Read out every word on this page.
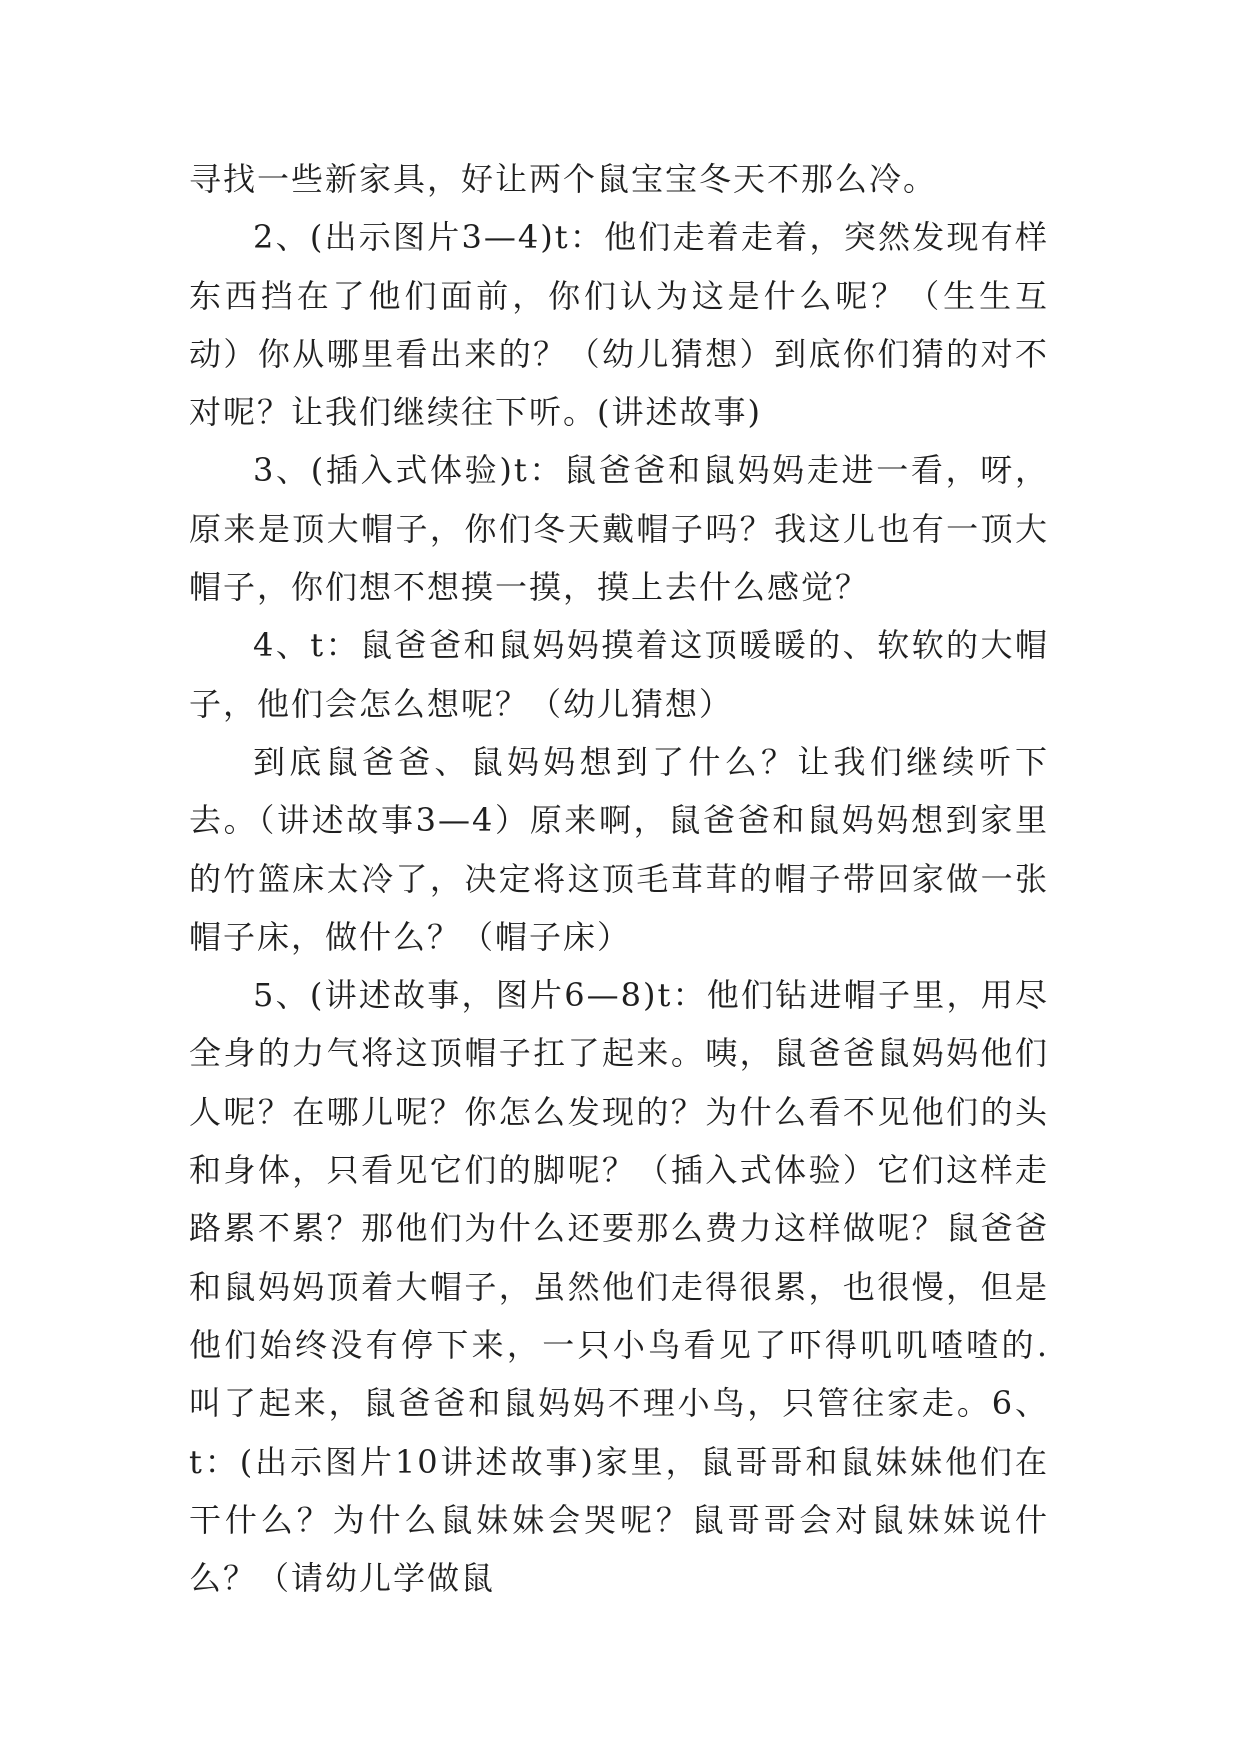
寻找一些新家具，好让两个鼠宝宝冬天不那么冷。

2、(出示图片3—4)t：他们走着走着，突然发现有样东西挡在了他们面前，你们认为这是什么呢？（生生互动）你从哪里看出来的？（幼儿猜想）到底你们猜的对不对呢？让我们继续往下听。(讲述故事)

3、(插入式体验)t：鼠爸爸和鼠妈妈走进一看，呀，原来是顶大帽子，你们冬天戴帽子吗？我这儿也有一顶大帽子，你们想不想摸一摸，摸上去什么感觉？

4、t：鼠爸爸和鼠妈妈摸着这顶暖暖的、软软的大帽子，他们会怎么想呢？（幼儿猜想）

到底鼠爸爸、鼠妈妈想到了什么？让我们继续听下去。（讲述故事3—4）原来啊，鼠爸爸和鼠妈妈想到家里的竹篮床太冷了，决定将这顶毛茸茸的帽子带回家做一张帽子床，做什么？（帽子床）

5、(讲述故事，图片6—8)t：他们钻进帽子里，用尽全身的力气将这顶帽子扛了起来。咦，鼠爸爸鼠妈妈他们人呢？在哪儿呢？你怎么发现的？为什么看不见他们的头和身体，只看见它们的脚呢？（插入式体验）它们这样走路累不累？那他们为什么还要那么费力这样做呢？鼠爸爸和鼠妈妈顶着大帽子，虽然他们走得很累，也很慢，但是他们始终没有停下来，一只小鸟看见了吓得叽叽喳喳的.叫了起来，鼠爸爸和鼠妈妈不理小鸟，只管往家走。6、t：(出示图片10讲述故事)家里，鼠哥哥和鼠妹妹他们在干什么？为什么鼠妹妹会哭呢？鼠哥哥会对鼠妹妹说什么？（请幼儿学做鼠
